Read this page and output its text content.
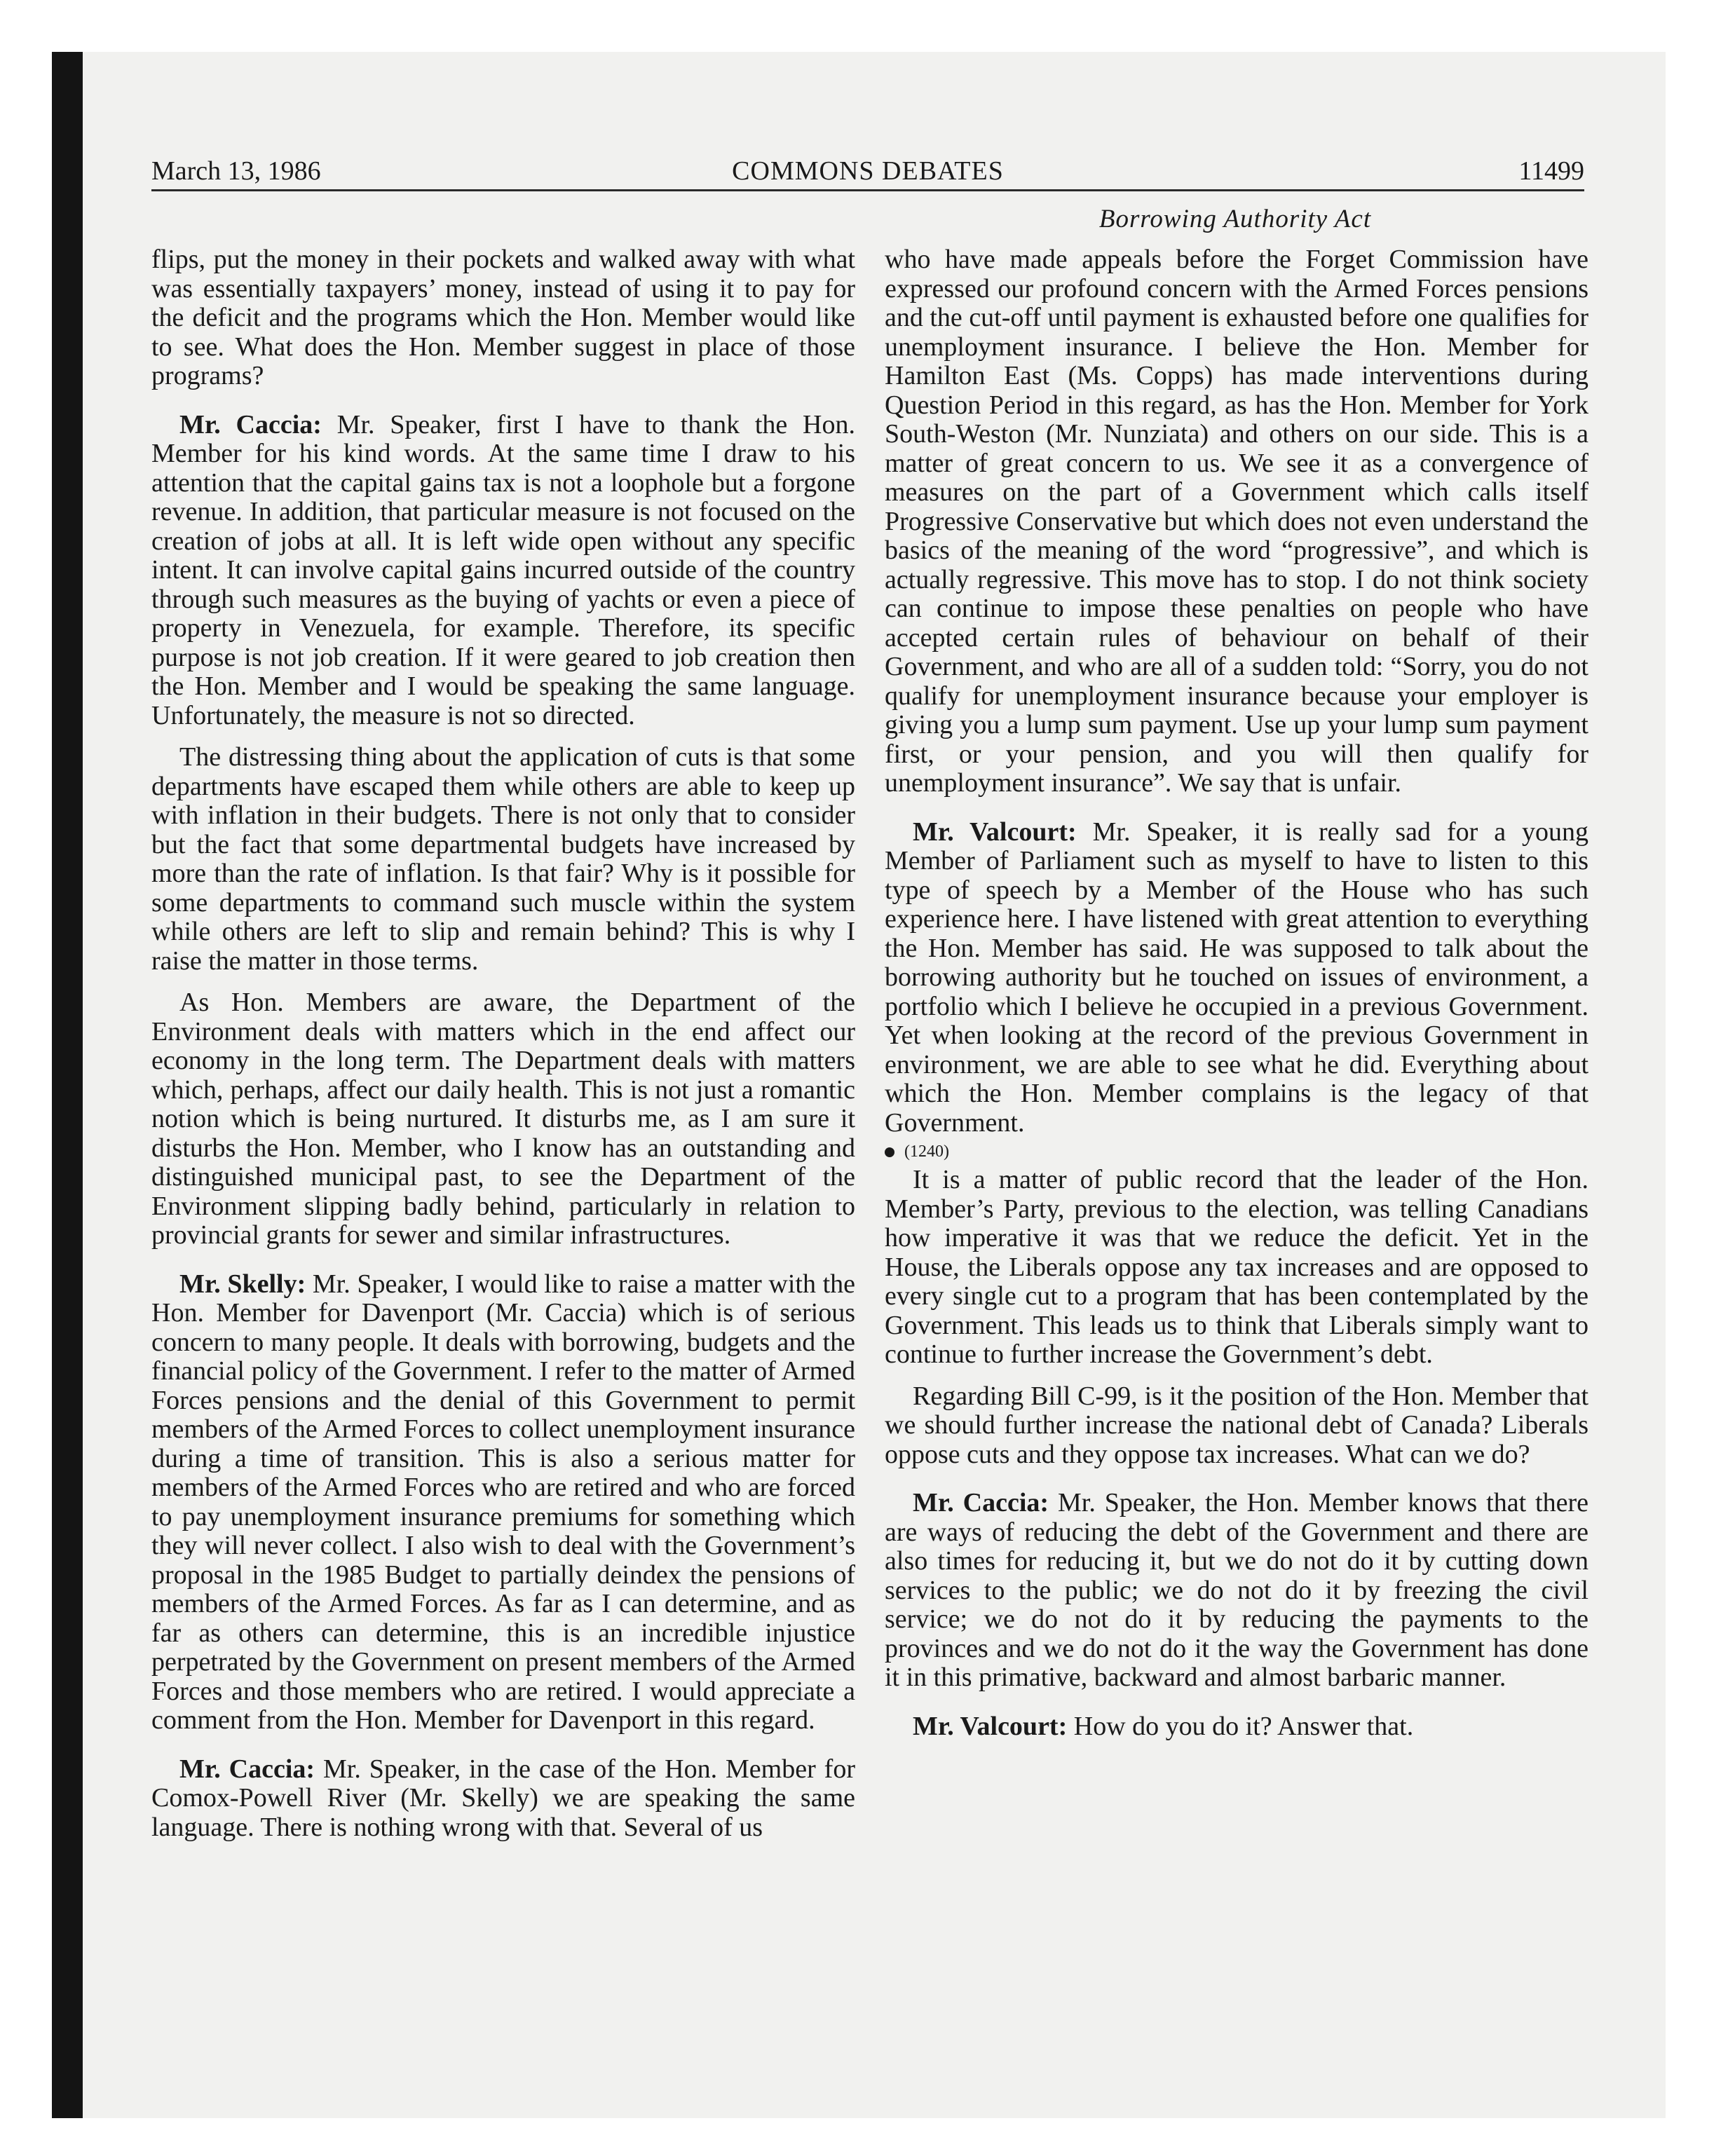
March 13, 1986	COMMONS DEBATES	11499
Borrowing Authority Act

flips, put the money in their pockets and walked away with what was essentially taxpayers’ money, instead of using it to pay for the deficit and the programs which the Hon. Member would like to see. What does the Hon. Member suggest in place of those programs?

Mr. Caccia: Mr. Speaker, first I have to thank the Hon. Member for his kind words. At the same time I draw to his attention that the capital gains tax is not a loophole but a forgone revenue. In addition, that particular measure is not focused on the creation of jobs at all. It is left wide open without any specific intent. It can involve capital gains incurred outside of the country through such measures as the buying of yachts or even a piece of property in Venezuela, for example. Therefore, its specific purpose is not job creation. If it were geared to job creation then the Hon. Member and I would be speaking the same language. Unfortunately, the measure is not so directed.

The distressing thing about the application of cuts is that some departments have escaped them while others are able to keep up with inflation in their budgets. There is not only that to consider but the fact that some departmental budgets have increased by more than the rate of inflation. Is that fair? Why is it possible for some departments to command such muscle within the system while others are left to slip and remain behind? This is why I raise the matter in those terms.

As Hon. Members are aware, the Department of the Environment deals with matters which in the end affect our economy in the long term. The Department deals with matters which, perhaps, affect our daily health. This is not just a romantic notion which is being nurtured. It disturbs me, as I am sure it disturbs the Hon. Member, who I know has an outstanding and distinguished municipal past, to see the Department of the Environment slipping badly behind, particularly in relation to provincial grants for sewer and similar infrastructures.

Mr. Skelly: Mr. Speaker, I would like to raise a matter with the Hon. Member for Davenport (Mr. Caccia) which is of serious concern to many people. It deals with borrowing, budgets and the financial policy of the Government. I refer to the matter of Armed Forces pensions and the denial of this Government to permit members of the Armed Forces to collect unemployment insurance during a time of transition. This is also a serious matter for members of the Armed Forces who are retired and who are forced to pay unemployment insurance premiums for something which they will never collect. I also wish to deal with the Government’s proposal in the 1985 Budget to partially deindex the pensions of members of the Armed Forces. As far as I can determine, and as far as others can determine, this is an incredible injustice perpetrated by the Government on present members of the Armed Forces and those members who are retired. I would appreciate a comment from the Hon. Member for Davenport in this regard.

Mr. Caccia: Mr. Speaker, in the case of the Hon. Member for Comox-Powell River (Mr. Skelly) we are speaking the same language. There is nothing wrong with that. Several of us

who have made appeals before the Forget Commission have expressed our profound concern with the Armed Forces pensions and the cut-off until payment is exhausted before one qualifies for unemployment insurance. I believe the Hon. Member for Hamilton East (Ms. Copps) has made interventions during Question Period in this regard, as has the Hon. Member for York South-Weston (Mr. Nunziata) and others on our side. This is a matter of great concern to us. We see it as a convergence of measures on the part of a Government which calls itself Progressive Conservative but which does not even understand the basics of the meaning of the word “progressive”, and which is actually regressive. This move has to stop. I do not think society can continue to impose these penalties on people who have accepted certain rules of behaviour on behalf of their Government, and who are all of a sudden told: “Sorry, you do not qualify for unemployment insurance because your employer is giving you a lump sum payment. Use up your lump sum payment first, or your pension, and you will then qualify for unemployment insurance”. We say that is unfair.

Mr. Valcourt: Mr. Speaker, it is really sad for a young Member of Parliament such as myself to have to listen to this type of speech by a Member of the House who has such experience here. I have listened with great attention to everything the Hon. Member has said. He was supposed to talk about the borrowing authority but he touched on issues of environment, a portfolio which I believe he occupied in a previous Government. Yet when looking at the record of the previous Government in environment, we are able to see what he did. Everything about which the Hon. Member complains is the legacy of that Government.

(1240)

It is a matter of public record that the leader of the Hon. Member’s Party, previous to the election, was telling Canadians how imperative it was that we reduce the deficit. Yet in the House, the Liberals oppose any tax increases and are opposed to every single cut to a program that has been contemplated by the Government. This leads us to think that Liberals simply want to continue to further increase the Government’s debt.

Regarding Bill C-99, is it the position of the Hon. Member that we should further increase the national debt of Canada? Liberals oppose cuts and they oppose tax increases. What can we do?

Mr. Caccia: Mr. Speaker, the Hon. Member knows that there are ways of reducing the debt of the Government and there are also times for reducing it, but we do not do it by cutting down services to the public; we do not do it by freezing the civil service; we do not do it by reducing the payments to the provinces and we do not do it the way the Government has done it in this primative, backward and almost barbaric manner.

Mr. Valcourt: How do you do it? Answer that.
